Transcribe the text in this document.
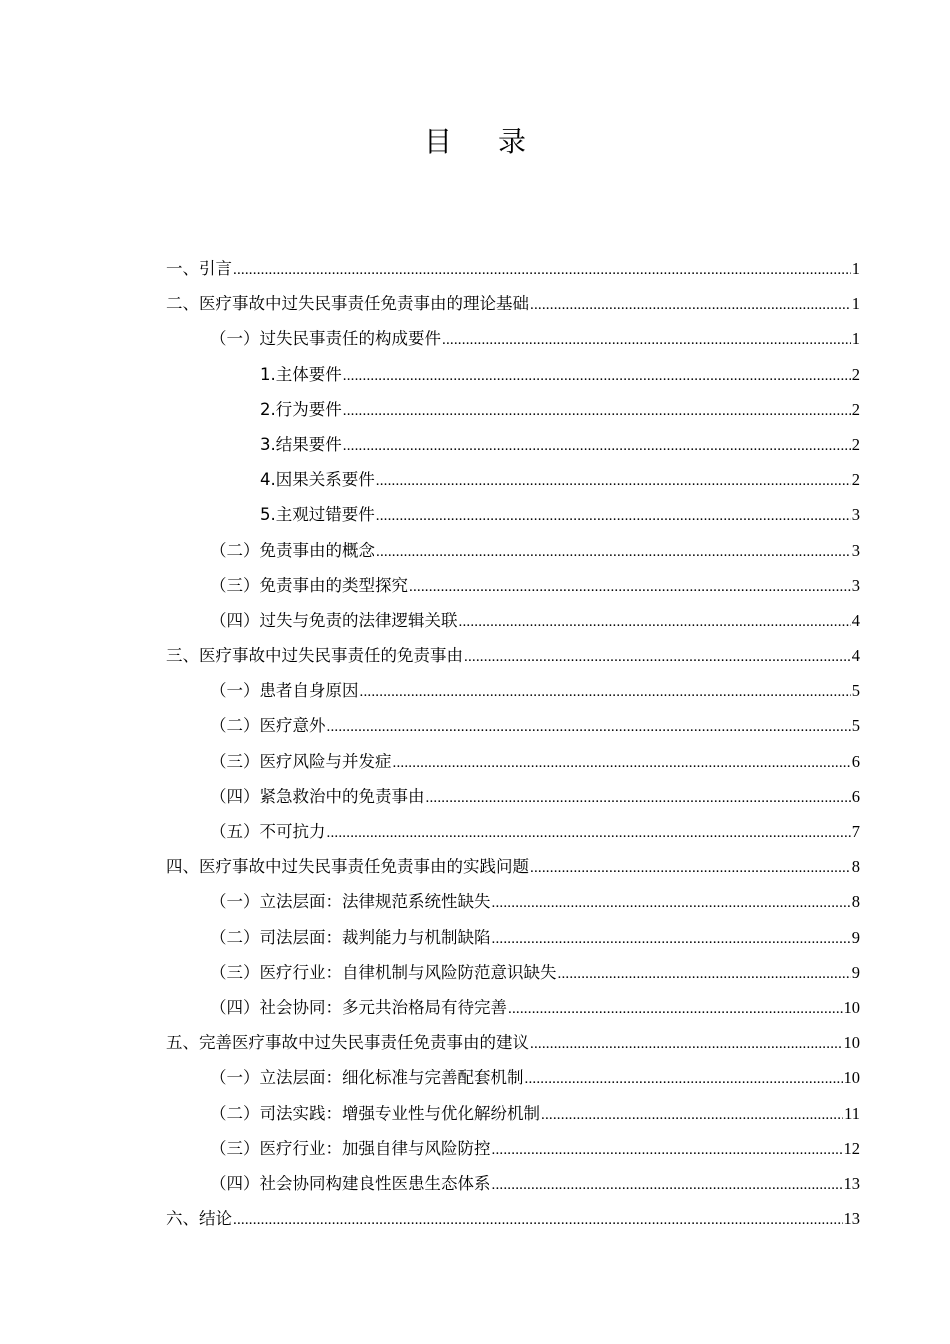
目录
一、引言 .....	1
二、医疗事故中过失民事责任免责事由的理论基础 .....	1
（一）过失民事责任的构成要件 .....	1
1.主体要件 .....	2
2.行为要件 .....	2
3.结果要件 .....	2
4.因果关系要件 .....	2
5.主观过错要件 .....	3
（二）免责事由的概念 .....	3
（三）免责事由的类型探究 .....	3
（四）过失与免责的法律逻辑关联 .....	4
三、医疗事故中过失民事责任的免责事由 .....	4
（一）患者自身原因 .....	5
（二）医疗意外 .....	5
（三）医疗风险与并发症 .....	6
（四）紧急救治中的免责事由 .....	6
（五）不可抗力 .....	7
四、医疗事故中过失民事责任免责事由的实践问题 .....	8
（一）立法层面：法律规范系统性缺失 .....	8
（二）司法层面：裁判能力与机制缺陷 .....	9
（三）医疗行业：自律机制与风险防范意识缺失 .....	9
（四）社会协同：多元共治格局有待完善 .....	10
五、完善医疗事故中过失民事责任免责事由的建议 .....	10
（一）立法层面：细化标准与完善配套机制 .....	10
（二）司法实践：增强专业性与优化解纷机制 .....	11
（三）医疗行业：加强自律与风险防控 .....	12
（四）社会协同构建良性医患生态体系 .....	13
六、结论 .....	13
